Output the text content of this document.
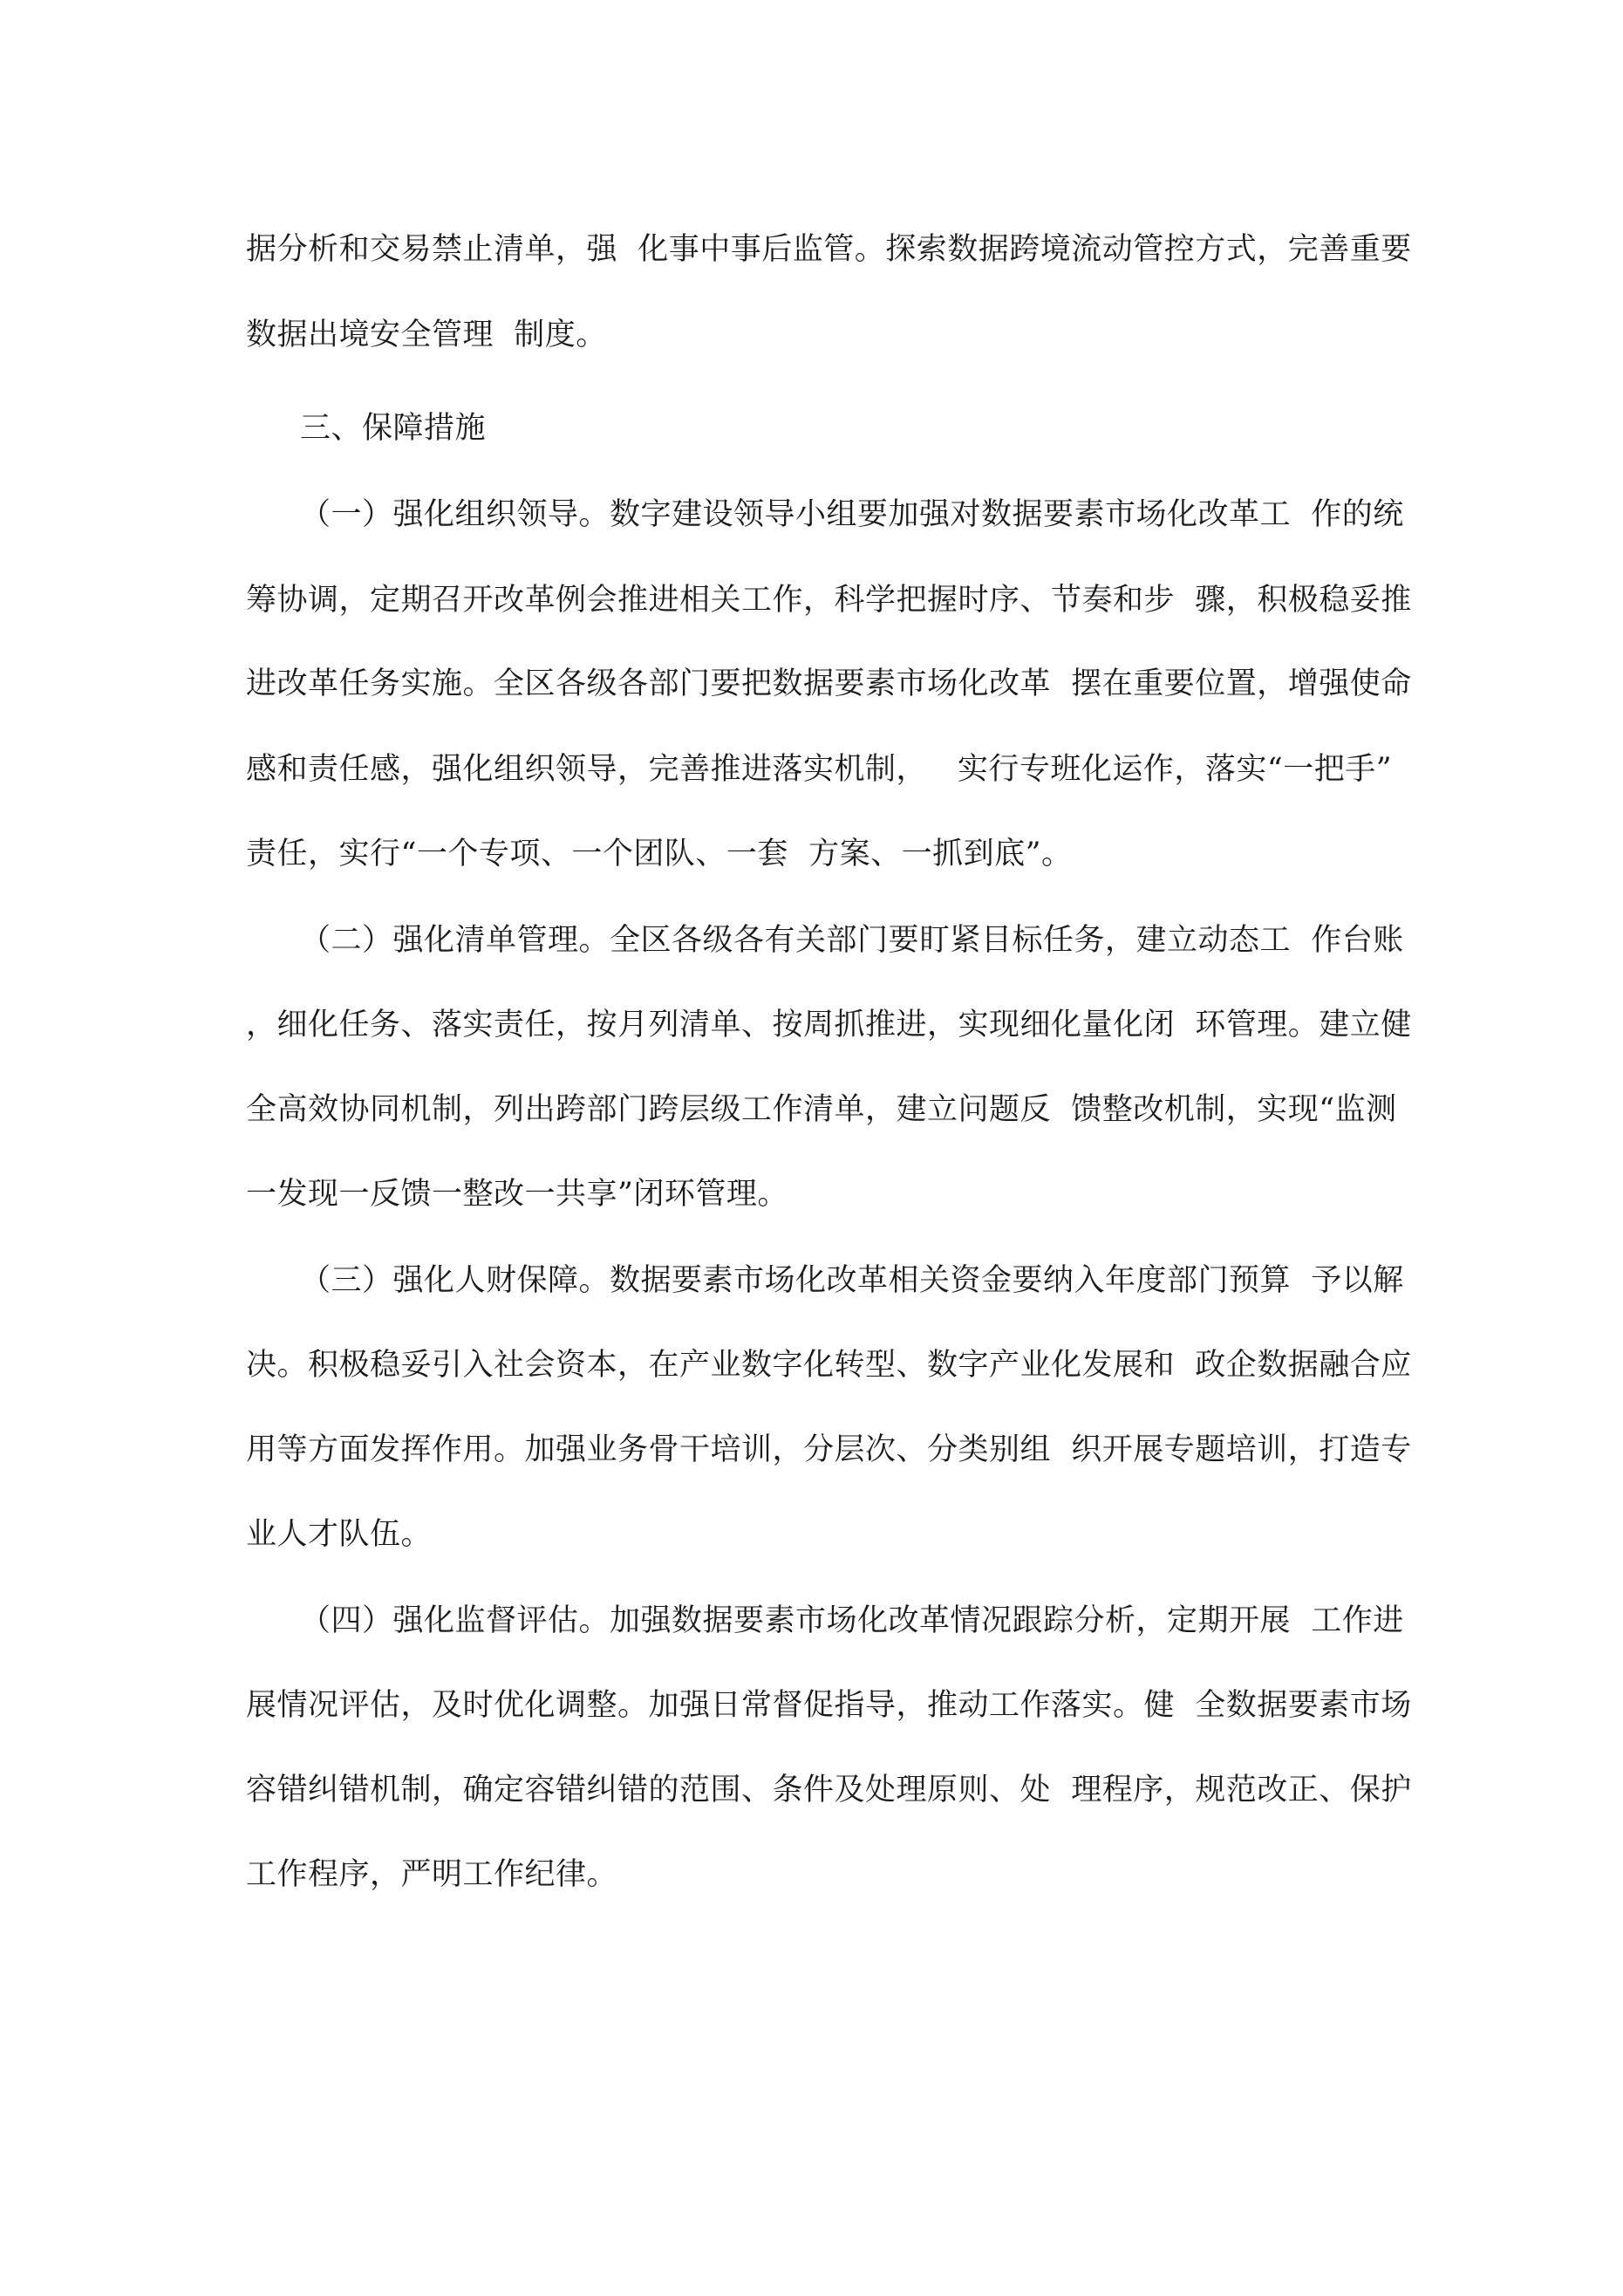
据分析和交易禁止清单，强  化事中事后监管。探索数据跨境流动管控方式，完善重要
数据出境安全管理  制度。
三、保障措施
（一）强化组织领导。数字建设领导小组要加强对数据要素市场化改革工  作的统
筹协调，定期召开改革例会推进相关工作，科学把握时序、节奏和步  骤，积极稳妥推
进改革任务实施。全区各级各部门要把数据要素市场化改革  摆在重要位置，增强使命
感和责任感，强化组织领导，完善推进落实机制，   实行专班化运作，落实“一把手”
责任，实行“一个专项、一个团队、一套  方案、一抓到底”。
（二）强化清单管理。全区各级各有关部门要盯紧目标任务，建立动态工  作台账
，细化任务、落实责任，按月列清单、按周抓推进，实现细化量化闭  环管理。建立健
全高效协同机制，列出跨部门跨层级工作清单，建立问题反  馈整改机制，实现“监测
一发现一反馈一整改一共享”闭环管理。
（三）强化人财保障。数据要素市场化改革相关资金要纳入年度部门预算  予以解
决。积极稳妥引入社会资本，在产业数字化转型、数字产业化发展和  政企数据融合应
用等方面发挥作用。加强业务骨干培训，分层次、分类别组  织开展专题培训，打造专
业人才队伍。
（四）强化监督评估。加强数据要素市场化改革情况跟踪分析，定期开展  工作进
展情况评估，及时优化调整。加强日常督促指导，推动工作落实。健  全数据要素市场
容错纠错机制，确定容错纠错的范围、条件及处理原则、处  理程序，规范改正、保护
工作程序，严明工作纪律。
